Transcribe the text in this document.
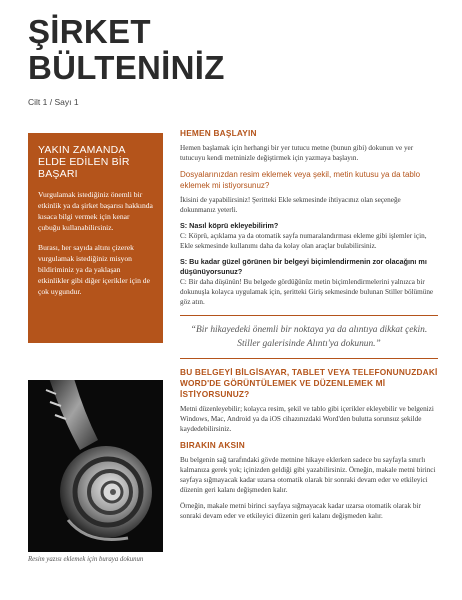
ŞİRKET BÜLTENİNİZ
Cilt 1 / Sayı 1
YAKIN ZAMANDA ELDE EDİLEN BİR BAŞARI

Vurgulamak istediğiniz önemli bir etkinlik ya da şirket başarısı hakkında kısaca bilgi vermek için kenar çubuğu kullanabilirsiniz.

Burası, her sayıda altını çizerek vurgulamak istediğiniz misyon bildiriminiz ya da yaklaşan etkinlikler gibi diğer içerikler için de çok uygundur.

Resim yazısı eklemek için buraya dokunun
HEMEN BAŞLAYIN

Hemen başlamak için herhangi bir yer tutucu metne (bunun gibi) dokunun ve yer tutucuyu kendi metninizle değiştirmek için yazmaya başlayın.

Dosyalarınızdan resim eklemek veya şekil, metin kutusu ya da tablo eklemek mi istiyorsunuz?

İkisini de yapabilirsiniz! Şeritteki Ekle sekmesinde ihtiyacınız olan seçeneğe dokunmanız yeterli.

S: Nasıl köprü ekleyebilirim?

C: Köprü, açıklama ya da otomatik sayfa numaralandırması ekleme gibi işlemler için, Ekle sekmesinde kullanımı daha da kolay olan araçlar bulabilirsiniz.

S: Bu kadar güzel görünen bir belgeyi biçimlendirmenin zor olacağını mı düşünüyorsunuz?

C: Bir daha düşünün! Bu belgede gördüğünüz metin biçimlendirmelerini yalnızca bir dokunuşla kolayca uygulamak için, şeritteki Giriş sekmesinde bulunan Stiller bölümüne göz atın.

“Bir hikayedeki önemli bir noktaya ya da alıntıya dikkat çekin. Stiller galerisinde Alıntı'ya dokunun.”
BU BELGEYİ BİLGİSAYAR, TABLET VEYA TELEFONUNUZDAKİ WORD'DE GÖRÜNTÜLEMEK VE DÜZENLEMEK Mİ İSTİYORSUNUZ?

Metni düzenleyebilir; kolayca resim, şekil ve tablo gibi içerikler ekleyebilir ve belgenizi Windows, Mac, Android ya da iOS cihazınızdaki Word'den bulutta sorunsuz şekilde kaydedebilirsiniz.

BIRAKIN AKSIN

Bu belgenin sağ tarafındaki gövde metnine hikaye eklerken sadece bu sayfayla sınırlı kalmanıza gerek yok; içinizden geldiği gibi yazabilirsiniz. Örneğin, makale metni birinci sayfaya sığmayacak kadar uzarsa otomatik olarak bir sonraki devam eder ve etkileyici düzenin geri kalanı değişmeden kalır.

Örneğin, makale metni birinci sayfaya sığmayacak kadar uzarsa otomatik olarak bir sonraki devam eder ve etkileyici düzenin geri kalanı değişmeden kalır.
